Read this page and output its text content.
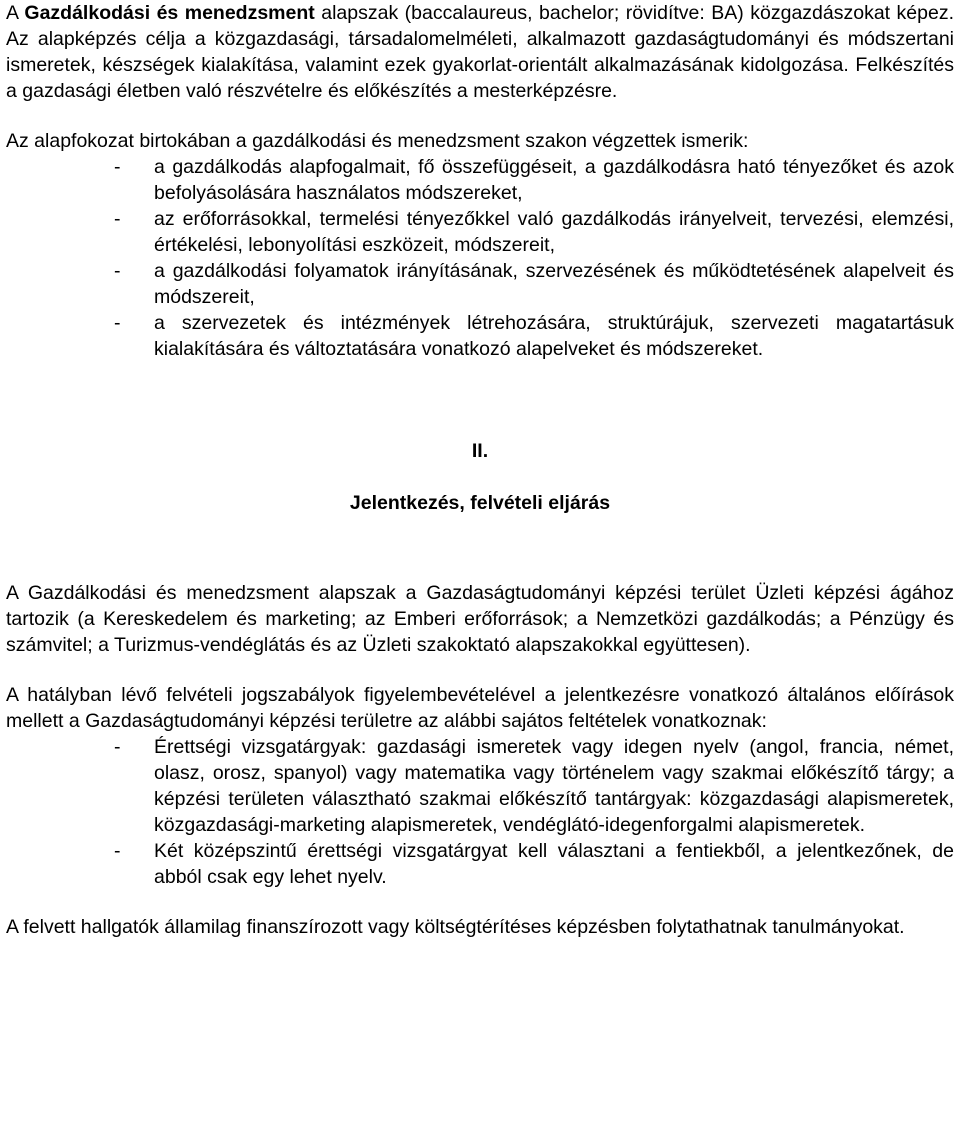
A Gazdálkodási és menedzsment alapszak (baccalaureus, bachelor; rövidítve: BA) közgazdászokat képez. Az alapképzés célja a közgazdasági, társadalomelméleti, alkalmazott gazdaságtudományi és módszertani ismeretek, készségek kialakítása, valamint ezek gyakorlat-orientált alkalmazásának kidolgozása. Felkészítés a gazdasági életben való részvételre és előkészítés a mesterképzésre.

Az alapfokozat birtokában a gazdálkodási és menedzsment szakon végzettek ismerik:

- a gazdálkodás alapfogalmait, fő összefüggéseit, a gazdálkodásra ható tényezőket és azok befolyásolására használatos módszereket,
- az erőforrásokkal, termelési tényezőkkel való gazdálkodás irányelveit, tervezési, elemzési, értékelési, lebonyolítási eszközeit, módszereit,
- a gazdálkodási folyamatok irányításának, szervezésének és működtetésének alapelveit és módszereit,
- a szervezetek és intézmények létrehozására, struktúrájuk, szervezeti magatartásuk kialakítására és változtatására vonatkozó alapelveket és módszereket.

II.

Jelentkezés, felvételi eljárás

A Gazdálkodási és menedzsment alapszak a Gazdaságtudományi képzési terület Üzleti képzési ágához tartozik (a Kereskedelem és marketing; az Emberi erőforrások; a Nemzetközi gazdálkodás; a Pénzügy és számvitel; a Turizmus-vendéglátás és az Üzleti szakoktató alapszakokkal együttesen).

A hatályban lévő felvételi jogszabályok figyelembevételével a jelentkezésre vonatkozó általános előírások mellett a Gazdaságtudományi képzési területre az alábbi sajátos feltételek vonatkoznak:

- Érettségi vizsgatárgyak: gazdasági ismeretek vagy idegen nyelv (angol, francia, német, olasz, orosz, spanyol) vagy matematika vagy történelem vagy szakmai előkészítő tárgy; a képzési területen választható szakmai előkészítő tantárgyak: közgazdasági alapismeretek, közgazdasági-marketing alapismeretek, vendéglátó-idegenforgalmi alapismeretek.
- Két középszintű érettségi vizsgatárgyat kell választani a fentiekből, a jelentkezőnek, de abból csak egy lehet nyelv.

A felvett hallgatók államilag finanszírozott vagy költségtérítéses képzésben folytathatnak tanulmányokat.
